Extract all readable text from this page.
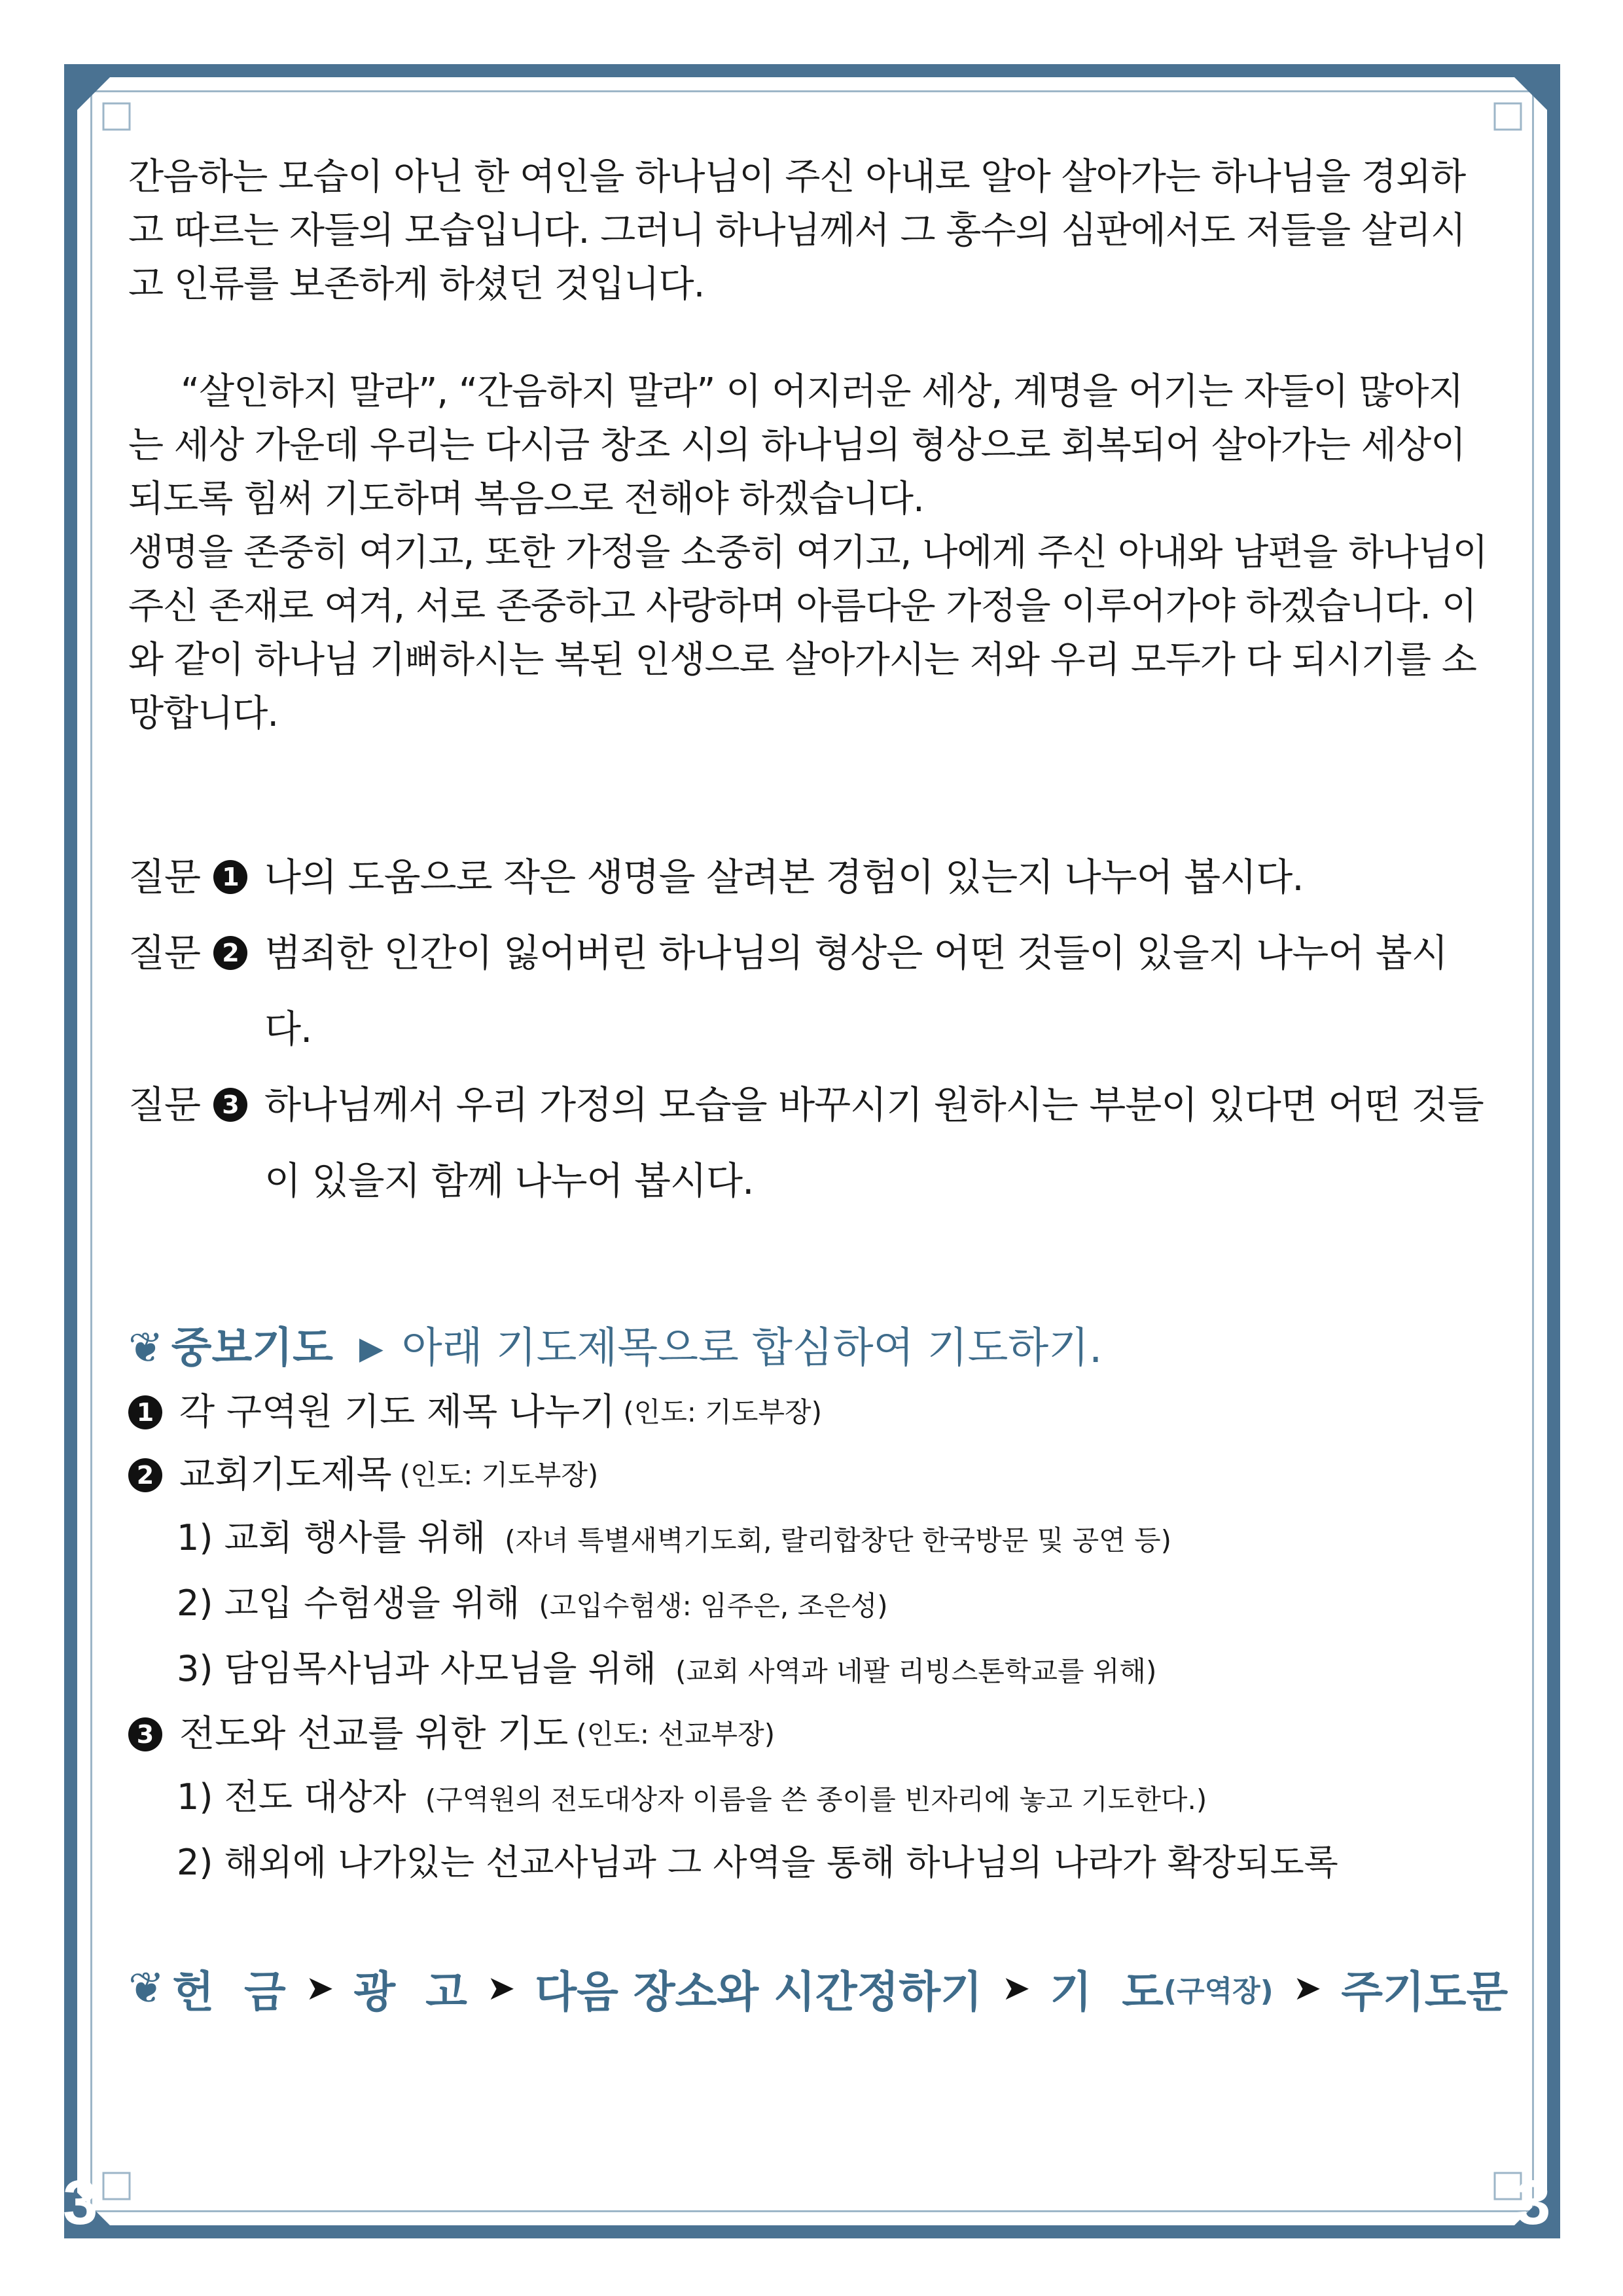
3	3

간음하는 모습이 아닌 한 여인을 하나님이 주신 아내로 알아 살아가는 하나님을 경외하고 따르는 자들의 모습입니다. 그러니 하나님께서 그 홍수의 심판에서도 저들을 살리시고 인류를 보존하게 하셨던 것입니다.

“살인하지 말라”, “간음하지 말라” 이 어지러운 세상, 계명을 어기는 자들이 많아지는 세상 가운데 우리는 다시금 창조 시의 하나님의 형상으로 회복되어 살아가는 세상이 되도록 힘써 기도하며 복음으로 전해야 하겠습니다.

생명을 존중히 여기고, 또한 가정을 소중히 여기고, 나에게 주신 아내와 남편을 하나님이 주신 존재로 여겨, 서로 존중하고 사랑하며 아름다운 가정을 이루어가야 하겠습니다. 이와 같이 하나님 기뻐하시는 복된 인생으로 살아가시는 저와 우리 모두가 다 되시기를 소망합니다.

질문 1 나의 도움으로 작은 생명을 살려본 경험이 있는지 나누어 봅시다.
질문 2 범죄한 인간이 잃어버린 하나님의 형상은 어떤 것들이 있을지 나누어 봅시다.
질문 3 하나님께서 우리 가정의 모습을 바꾸시기 원하시는 부분이 있다면 어떤 것들이 있을지 함께 나누어 봅시다.
❦ 중보기도 ▶ 아래 기도제목으로 합심하여 기도하기.
1 각 구역원 기도 제목 나누기 (인도: 기도부장)
2 교회기도제목 (인도: 기도부장)
1) 교회 행사를 위해 (자녀 특별새벽기도회, 랄리합창단 한국방문 및 공연 등)
2) 고입 수험생을 위해 (고입수험생: 임주은, 조은성)
3) 담임목사님과 사모님을 위해 (교회 사역과 네팔 리빙스톤학교를 위해)
3 전도와 선교를 위한 기도 (인도: 선교부장)
1) 전도 대상자 (구역원의 전도대상자 이름을 쓴 종이를 빈자리에 놓고 기도한다.)
2) 해외에 나가있는 선교사님과 그 사역을 통해 하나님의 나라가 확장되도록
❦ 헌  금 ➤ 광  고 ➤ 다음 장소와 시간정하기 ➤ 기  도 (구역장) ➤ 주기도문
